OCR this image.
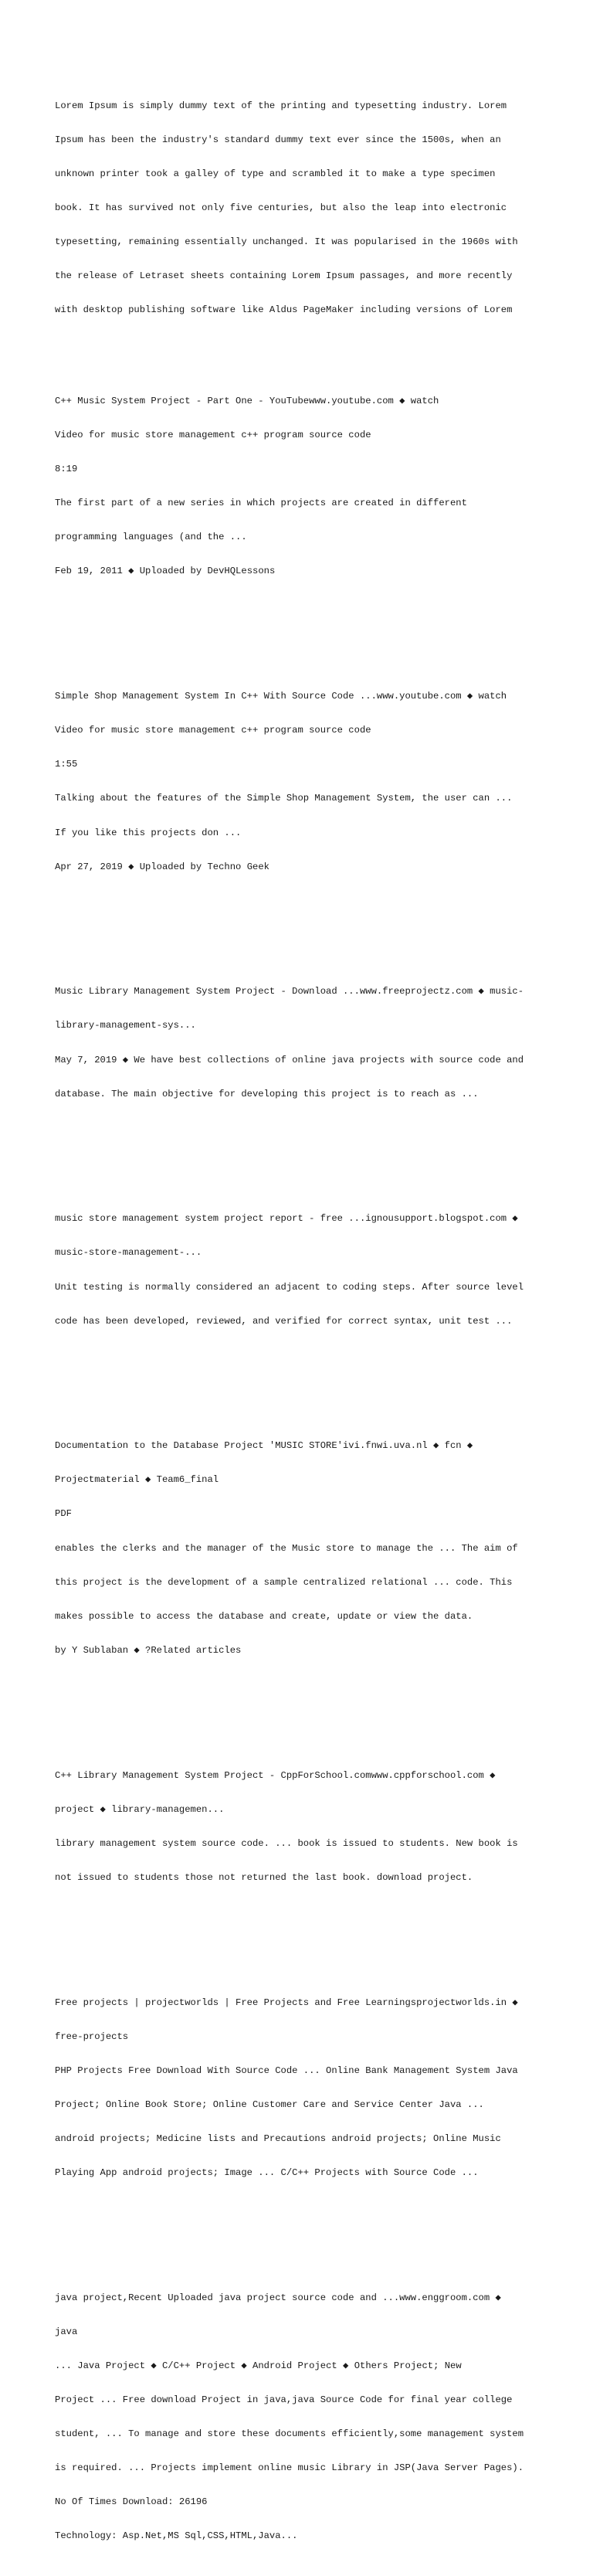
Lorem Ipsum is simply dummy text of the printing and typesetting industry. Lorem

Ipsum has been the industry's standard dummy text ever since the 1500s, when an

unknown printer took a galley of type and scrambled it to make a type specimen

book. It has survived not only five centuries, but also the leap into electronic

typesetting, remaining essentially unchanged. It was popularised in the 1960s with

the release of Letraset sheets containing Lorem Ipsum passages, and more recently

with desktop publishing software like Aldus PageMaker including versions of Lorem

C++ Music System Project - Part One - YouTubewww.youtube.com ◆ watch

Video for music store management c++ program source code

8:19

The first part of a new series in which projects are created in different

programming languages (and the ...

Feb 19, 2011 ◆ Uploaded by DevHQLessons

Simple Shop Management System In C++ With Source Code ...www.youtube.com ◆ watch

Video for music store management c++ program source code

1:55

Talking about the features of the Simple Shop Management System, the user can ...

If you like this projects don ...

Apr 27, 2019 ◆ Uploaded by Techno Geek

Music Library Management System Project - Download ...www.freeprojectz.com ◆ music-

library-management-sys...

May 7, 2019 ◆ We have best collections of online java projects with source code and

database. The main objective for developing this project is to reach as ...

music store management system project report - free ...ignousupport.blogspot.com ◆

music-store-management-...

Unit testing is normally considered an adjacent to coding steps. After source level

code has been developed, reviewed, and verified for correct syntax, unit test ...

Documentation to the Database Project 'MUSIC STORE'ivi.fnwi.uva.nl ◆ fcn ◆

Projectmaterial ◆ Team6_final

PDF

enables the clerks and the manager of the Music store to manage the ... The aim of

this project is the development of a sample centralized relational ... code. This

makes possible to access the database and create, update or view the data.

by Y Sublaban ◆ ?Related articles

C++ Library Management System Project - CppForSchool.comwww.cppforschool.com ◆

project ◆ library-managemen...

library management system source code. ... book is issued to students. New book is

not issued to students those not returned the last book. download project.

Free projects | projectworlds | Free Projects and Free Learningsprojectworlds.in ◆

free-projects

PHP Projects Free Download With Source Code ... Online Bank Management System Java

Project; Online Book Store; Online Customer Care and Service Center Java ...

android projects; Medicine lists and Precautions android projects; Online Music

Playing App android projects; Image ... C/C++ Projects with Source Code ...

java project,Recent Uploaded java project source code and ...www.enggroom.com ◆

java

... Java Project ◆ C/C++ Project ◆ Android Project ◆ Others Project; New

Project ... Free download Project in java,java Source Code for final year college

student, ... To manage and store these documents efficiently,some management system

is required. ... Projects implement online music Library in JSP(Java Server Pages).

No Of Times Download: 26196

Technology: Asp.Net,MS Sql,CSS,HTML,Java...
